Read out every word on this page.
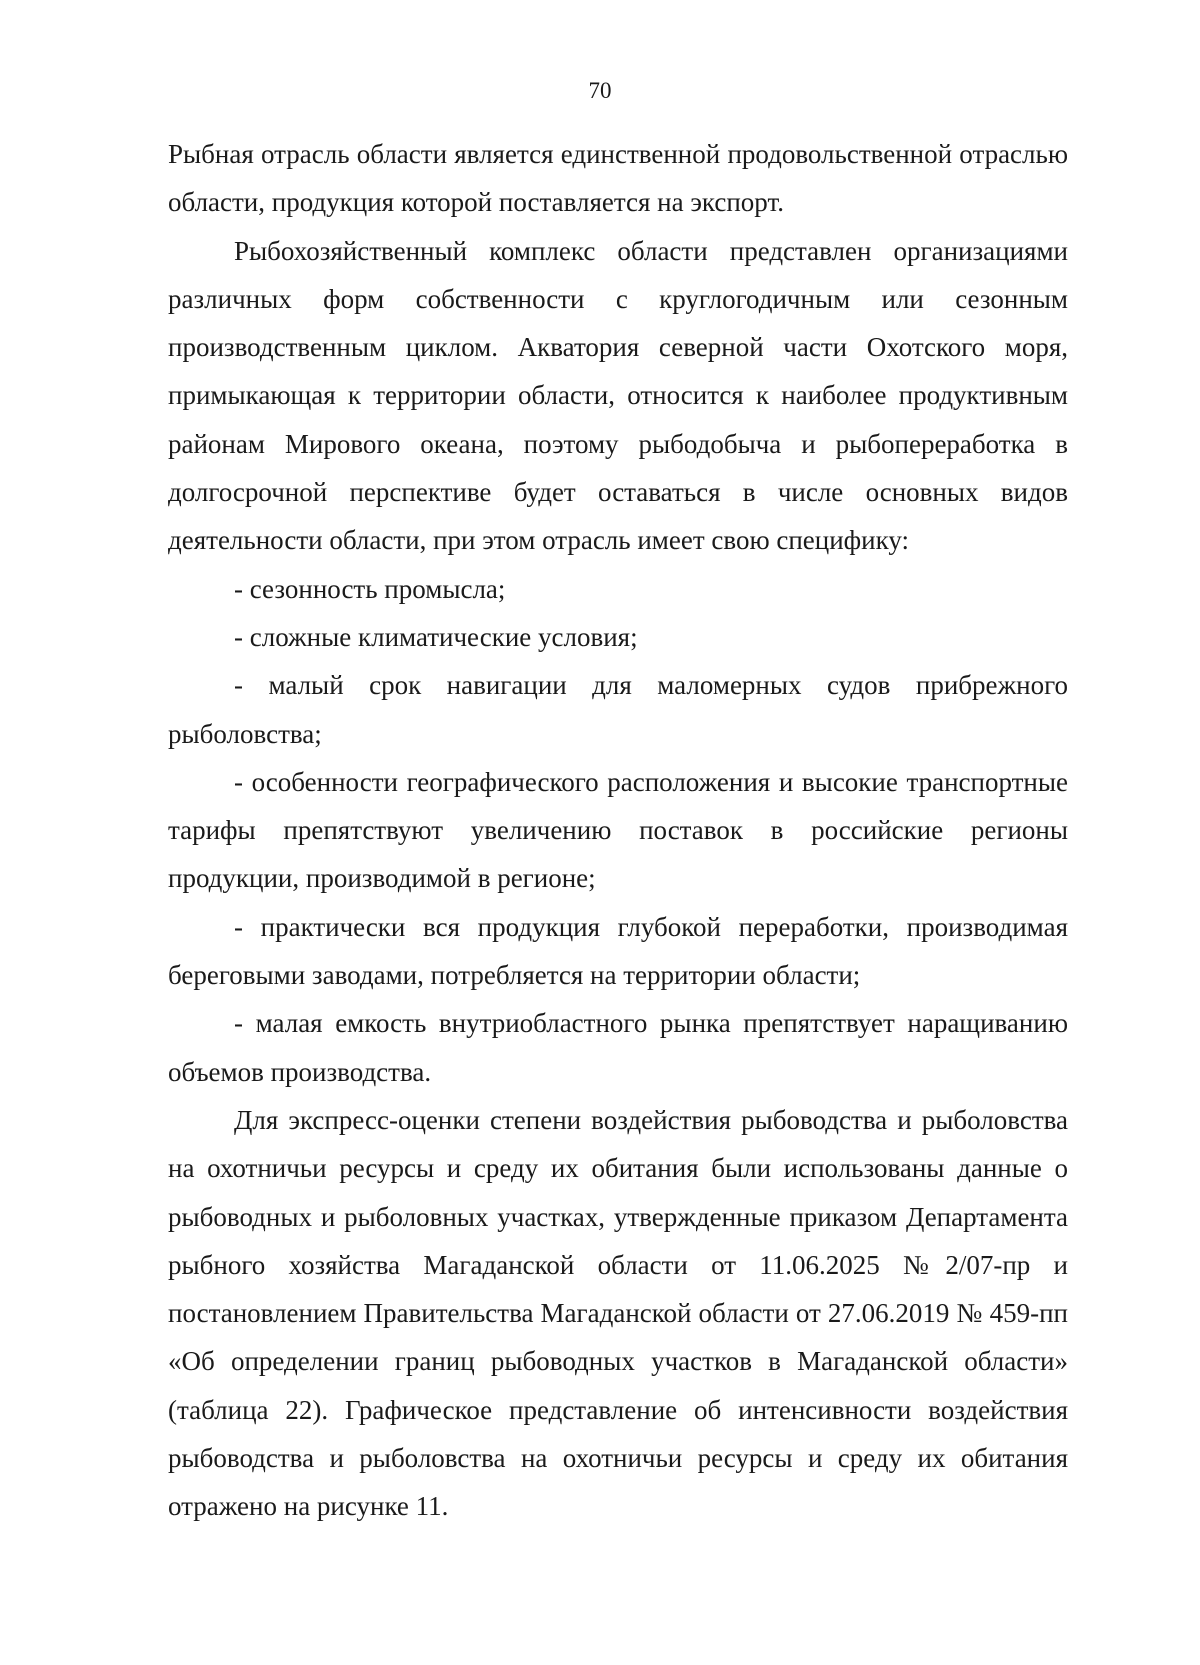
70

Рыбная отрасль области является единственной продовольственной отраслью области, продукция которой поставляется на экспорт.

Рыбохозяйственный комплекс области представлен организациями различных форм собственности с круглогодичным или сезонным производственным циклом. Акватория северной части Охотского моря, примыкающая к территории области, относится к наиболее продуктивным районам Мирового океана, поэтому рыбодобыча и рыбопереработка в долгосрочной перспективе будет оставаться в числе основных видов деятельности области, при этом отрасль имеет свою специфику:

- сезонность промысла;

- сложные климатические условия;

- малый срок навигации для маломерных судов прибрежного рыболовства;

- особенности географического расположения и высокие транспортные тарифы препятствуют увеличению поставок в российские регионы продукции, производимой в регионе;

- практически вся продукция глубокой переработки, производимая береговыми заводами, потребляется на территории области;

- малая емкость внутриобластного рынка препятствует наращиванию объемов производства.

Для экспресс-оценки степени воздействия рыбоводства и рыболовства на охотничьи ресурсы и среду их обитания были использованы данные о рыбоводных и рыболовных участках, утвержденные приказом Департамента рыбного хозяйства Магаданской области от 11.06.2025 №2/07-пр и постановлением Правительства Магаданской области от 27.06.2019 № 459-пп «Об определении границ рыбоводных участков в Магаданской области» (таблица 22). Графическое представление об интенсивности воздействия рыбоводства и рыболовства на охотничьи ресурсы и среду их обитания отражено на рисунке 11.
